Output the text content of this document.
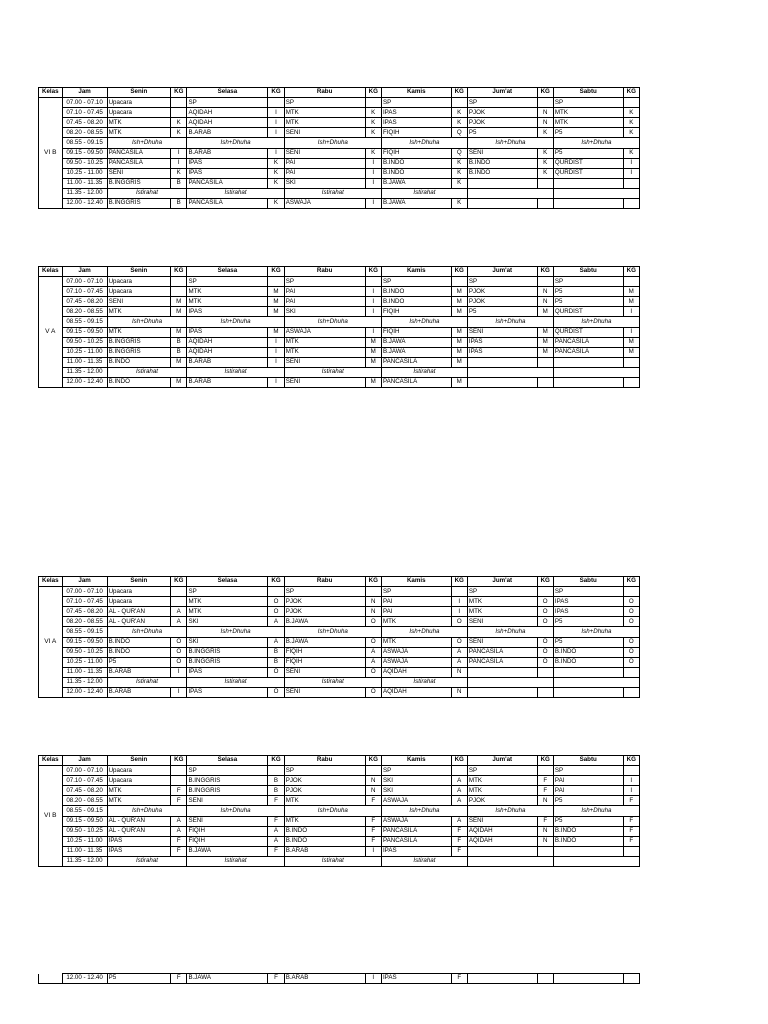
Kelas	Jam	Senin	KG	Selasa	KG	Rabu	KG	Kamis	KG	Jum'at	KG	Sabtu	KG
VI B	07.00 - 07.10	Upacara		SP		SP		SP		SP		SP	
	07.10 - 07.45	Upacara		AQIDAH	I	MTK	K	IPAS	K	PJOK	N	MTK	K
	07.45 - 08.20	MTK	K	AQIDAH	I	MTK	K	IPAS	K	PJOK	N	MTK	K
	08.20 - 08.55	MTK	K	B.ARAB	I	SENI	K	FIQIH	Q	P5	K	P5	K
	08.55 - 09.15	Ish+Dhuha		Ish+Dhuha		Ish+Dhuha		Ish+Dhuha		Ish+Dhuha		Ish+Dhuha	
	09.15 - 09.50	PANCASILA	I	B.ARAB	I	SENI	K	FIQIH	Q	SENI	K	P5	K
	09.50 - 10.25	PANCASILA	I	IPAS	K	PAI	I	B.INDO	K	B.INDO	K	QURDIST	I
	10.25 - 11.00	SENI	K	IPAS	K	PAI	I	B.INDO	K	B.INDO	K	QURDIST	I
	11.00 - 11.35	B.INGGRIS	B	PANCASILA	K	SKI	I	B.JAWA	K				
	11.35 - 12.00	Istirahat		Istirahat		Istirahat		Istirahat					
	12.00 - 12.40	B.INGGRIS	B	PANCASILA	K	ASWAJA	I	B.JAWA	K				
Kelas	Jam	Senin	KG	Selasa	KG	Rabu	KG	Kamis	KG	Jum'at	KG	Sabtu	KG
V A	07.00 - 07.10	Upacara		SP		SP		SP		SP		SP	
	07.10 - 07.45	Upacara		MTK	M	PAI	I	B.INDO	M	PJOK	N	P5	M
	07.45 - 08.20	SENI	M	MTK	M	PAI	I	B.INDO	M	PJOK	N	P5	M
	08.20 - 08.55	MTK	M	IPAS	M	SKI	I	FIQIH	M	P5	M	QURDIST	I
	08.55 - 09.15	Ish+Dhuha		Ish+Dhuha		Ish+Dhuha		Ish+Dhuha		Ish+Dhuha		Ish+Dhuha	
	09.15 - 09.50	MTK	M	IPAS	M	ASWAJA	I	FIQIH	M	SENI	M	QURDIST	I
	09.50 - 10.25	B.INGGRIS	B	AQIDAH	I	MTK	M	B.JAWA	M	IPAS	M	PANCASILA	M
	10.25 - 11.00	B.INGGRIS	B	AQIDAH	I	MTK	M	B.JAWA	M	IPAS	M	PANCASILA	M
	11.00 - 11.35	B.INDO	M	B.ARAB	I	SENI	M	PANCASILA	M				
	11.35 - 12.00	Istirahat		Istirahat		Istirahat		Istirahat					
	12.00 - 12.40	B.INDO	M	B.ARAB	I	SENI	M	PANCASILA	M				
Kelas	Jam	Senin	KG	Selasa	KG	Rabu	KG	Kamis	KG	Jum'at	KG	Sabtu	KG
VI A	07.00 - 07.10	Upacara		SP		SP		SP		SP		SP	
	07.10 - 07.45	Upacara		MTK	O	PJOK	N	PAI	I	MTK	O	IPAS	O
	07.45 - 08.20	AL - QUR'AN	A	MTK	O	PJOK	N	PAI	I	MTK	O	IPAS	O
	08.20 - 08.55	AL - QUR'AN	A	SKI	A	B.JAWA	O	MTK	O	SENI	O	P5	O
	08.55 - 09.15	Ish+Dhuha		Ish+Dhuha		Ish+Dhuha		Ish+Dhuha		Ish+Dhuha		Ish+Dhuha	
	09.15 - 09.50	B.INDO	O	SKI	A	B.JAWA	O	MTK	O	SENI	O	P5	O
	09.50 - 10.25	B.INDO	O	B.INGGRIS	B	FIQIH	A	ASWAJA	A	PANCASILA	O	B.INDO	O
	10.25 - 11.00	P5	O	B.INGGRIS	B	FIQIH	A	ASWAJA	A	PANCASILA	O	B.INDO	O
	11.00 - 11.35	B.ARAB	I	IPAS	O	SENI	O	AQIDAH	N				
	11.35 - 12.00	Istirahat		Istirahat		Istirahat		Istirahat					
	12.00 - 12.40	B.ARAB	I	IPAS	O	SENI	O	AQIDAH	N				
Kelas	Jam	Senin	KG	Selasa	KG	Rabu	KG	Kamis	KG	Jum'at	KG	Sabtu	KG
VI B	07.00 - 07.10	Upacara		SP		SP		SP		SP		SP	
	07.10 - 07.45	Upacara		B.INGGRIS	B	PJOK	N	SKI	A	MTK	F	PAI	I
	07.45 - 08.20	MTK	F	B.INGGRIS	B	PJOK	N	SKI	A	MTK	F	PAI	I
	08.20 - 08.55	MTK	F	SENI	F	MTK	F	ASWAJA	A	PJOK	N	P5	F
	08.55 - 09.15	Ish+Dhuha		Ish+Dhuha		Ish+Dhuha		Ish+Dhuha		Ish+Dhuha		Ish+Dhuha	
	09.15 - 09.50	AL - QUR'AN	A	SENI	F	MTK	F	ASWAJA	A	SENI	F	P5	F
	09.50 - 10.25	AL - QUR'AN	A	FIQIH	A	B.INDO	F	PANCASILA	F	AQIDAH	N	B.INDO	F
	10.25 - 11.00	IPAS	F	FIQIH	A	B.INDO	F	PANCASILA	F	AQIDAH	N	B.INDO	F
	11.00 - 11.35	IPAS	F	B.JAWA	F	B.ARAB	I	IPAS	F				
	11.35 - 12.00	Istirahat		Istirahat		Istirahat		Istirahat					
	12.00 - 12.40	P5	F	B.JAWA	F	B.ARAB	I	IPAS	F				
